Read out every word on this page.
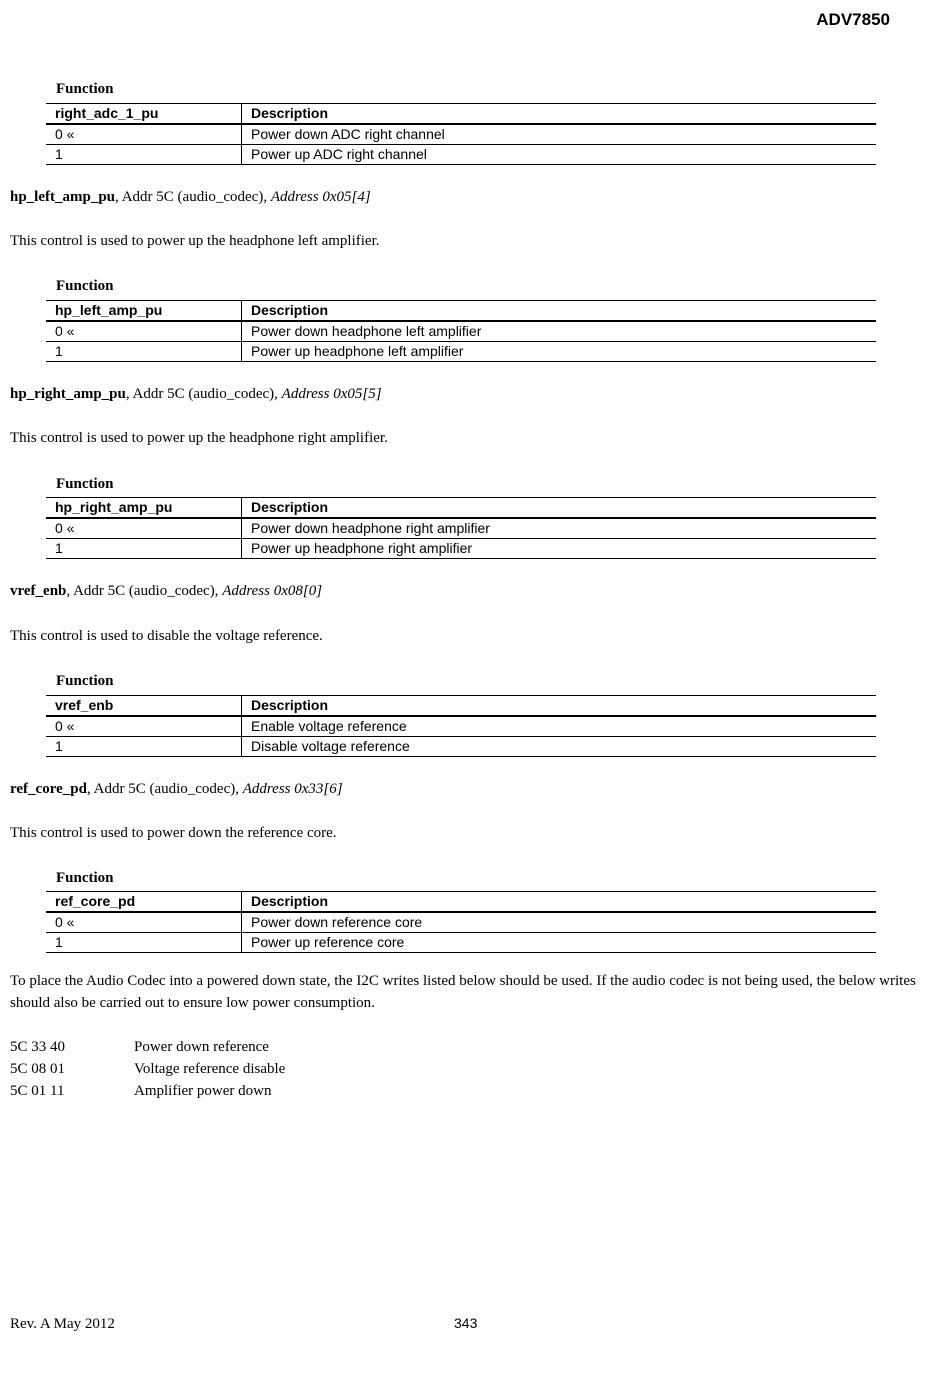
ADV7850
Function
right_adc_1_pu	Description
0 «	Power down ADC right channel
1	Power up ADC right channel
hp_left_amp_pu, Addr 5C (audio_codec), Address 0x05[4]
This control is used to power up the headphone left amplifier.
Function
hp_left_amp_pu	Description
0 «	Power down headphone left amplifier
1	Power up headphone left amplifier
hp_right_amp_pu, Addr 5C (audio_codec), Address 0x05[5]
This control is used to power up the headphone right amplifier.
Function
hp_right_amp_pu	Description
0 «	Power down headphone right amplifier
1	Power up headphone right amplifier
vref_enb, Addr 5C (audio_codec), Address 0x08[0]
This control is used to disable the voltage reference.
Function
vref_enb	Description
0 «	Enable voltage reference
1	Disable voltage reference
ref_core_pd, Addr 5C (audio_codec), Address 0x33[6]
This control is used to power down the reference core.
Function
ref_core_pd	Description
0 «	Power down reference core
1	Power up reference core
To place the Audio Codec into a powered down state, the I2C writes listed below should be used. If the audio codec is not being used, the below writes should also be carried out to ensure low power consumption.
5C 33 40	Power down reference
5C 08 01	Voltage reference disable
5C 01 11	Amplifier power down
Rev. A May 2012	343
